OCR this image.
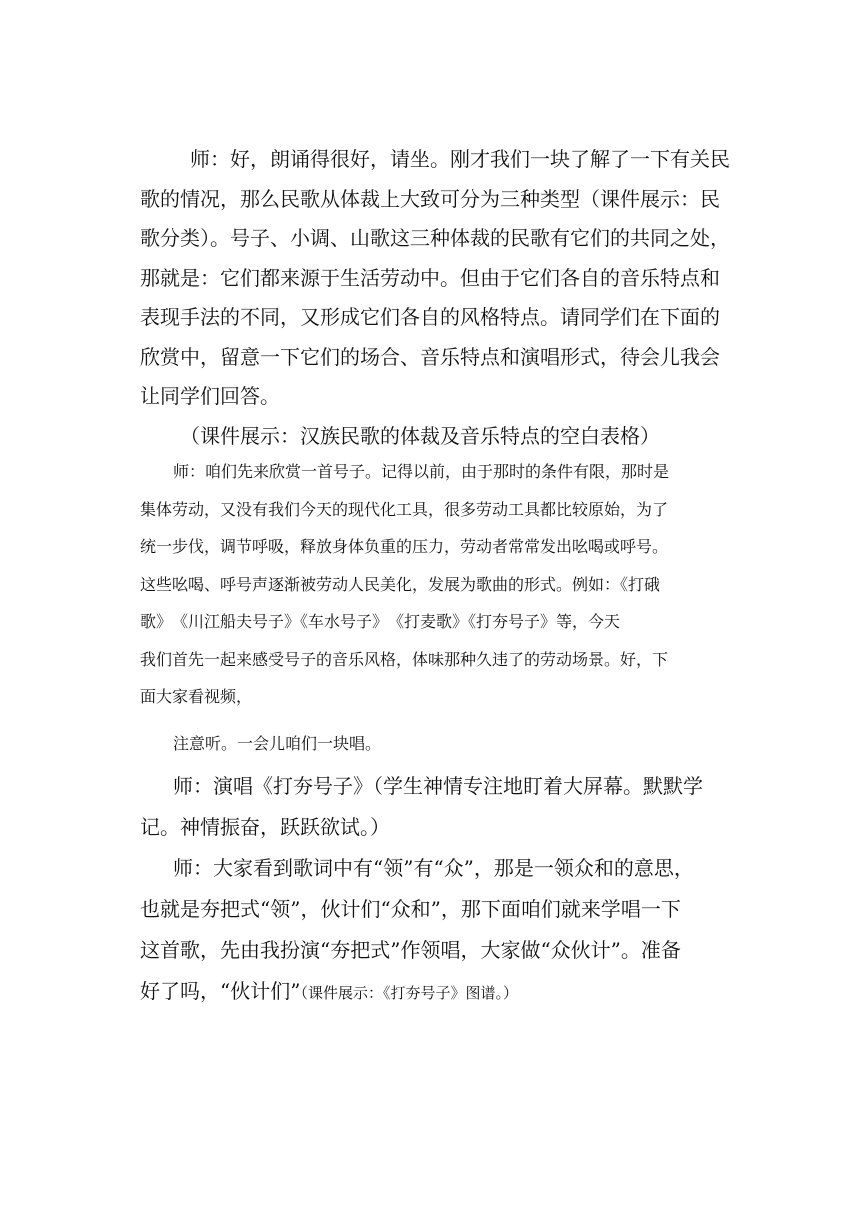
师：好，朗诵得很好，请坐。刚才我们一块了解了一下有关民
歌的情况，那么民歌从体裁上大致可分为三种类型（课件展示：民
歌分类）。号子、小调、山歌这三种体裁的民歌有它们的共同之处，
那就是：它们都来源于生活劳动中。但由于它们各自的音乐特点和
表现手法的不同，又形成它们各自的风格特点。请同学们在下面的
欣赏中，留意一下它们的场合、音乐特点和演唱形式，待会儿我会
让同学们回答。
（课件展示：汉族民歌的体裁及音乐特点的空白表格）
师：咱们先来欣赏一首号子。记得以前，由于那时的条件有限，那时是
集体劳动，又没有我们今天的现代化工具，很多劳动工具都比较原始，为了
统一步伐，调节呼吸，释放身体负重的压力，劳动者常常发出吆喝或呼号。
这些吆喝、呼号声逐渐被劳动人民美化，发展为歌曲的形式。例如：《打硪
歌》　《川江船夫号子》《车水号子》　《打麦歌》《打夯号子》等，今天
我们首先一起来感受号子的音乐风格，体味那种久违了的劳动场景。好，下
面大家看视频，
注意听。一会儿咱们一块唱。
师：演唱《打夯号子》（学生神情专注地盯着大屏幕。默默学
记。神情振奋，跃跃欲试。）
师：大家看到歌词中有“领”有“众”，那是一领众和的意思，
也就是夯把式“领”，伙计们“众和”，那下面咱们就来学唱一下
这首歌，先由我扮演“夯把式”作领唱，大家做“众伙计”。准备
好了吗，“伙计们”（课件展示：《打夯号子》图谱。）
